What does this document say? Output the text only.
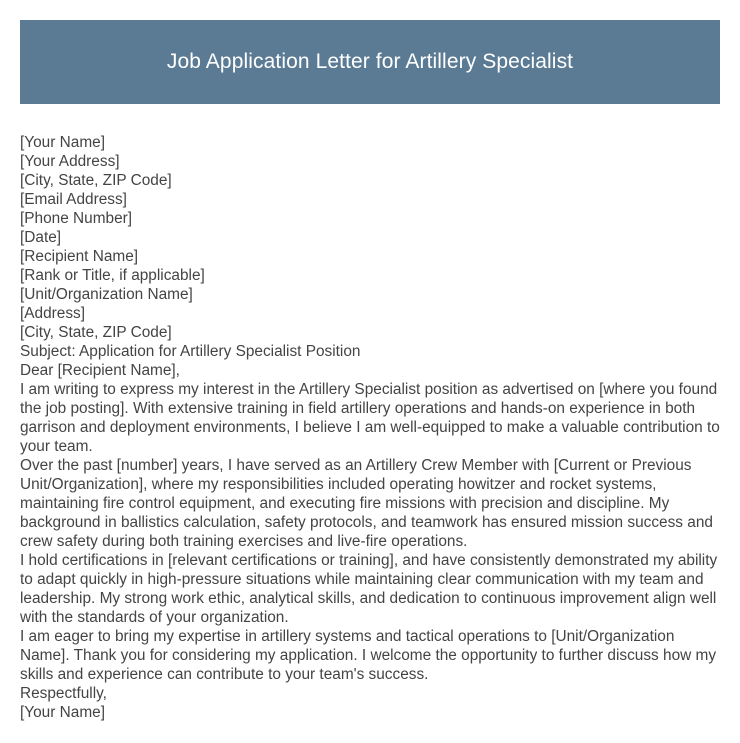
Job Application Letter for Artillery Specialist
[Your Name]
[Your Address]
[City, State, ZIP Code]
[Email Address]
[Phone Number]
[Date]
[Recipient Name]
[Rank or Title, if applicable]
[Unit/Organization Name]
[Address]
[City, State, ZIP Code]
Subject: Application for Artillery Specialist Position
Dear [Recipient Name],

I am writing to express my interest in the Artillery Specialist position as advertised on [where you found the job posting]. With extensive training in field artillery operations and hands-on experience in both garrison and deployment environments, I believe I am well-equipped to make a valuable contribution to your team.

Over the past [number] years, I have served as an Artillery Crew Member with [Current or Previous Unit/Organization], where my responsibilities included operating howitzer and rocket systems, maintaining fire control equipment, and executing fire missions with precision and discipline. My background in ballistics calculation, safety protocols, and teamwork has ensured mission success and crew safety during both training exercises and live-fire operations.

I hold certifications in [relevant certifications or training], and have consistently demonstrated my ability to adapt quickly in high-pressure situations while maintaining clear communication with my team and leadership. My strong work ethic, analytical skills, and dedication to continuous improvement align well with the standards of your organization.

I am eager to bring my expertise in artillery systems and tactical operations to [Unit/Organization Name]. Thank you for considering my application. I welcome the opportunity to further discuss how my skills and experience can contribute to your team's success.

Respectfully,
[Your Name]
